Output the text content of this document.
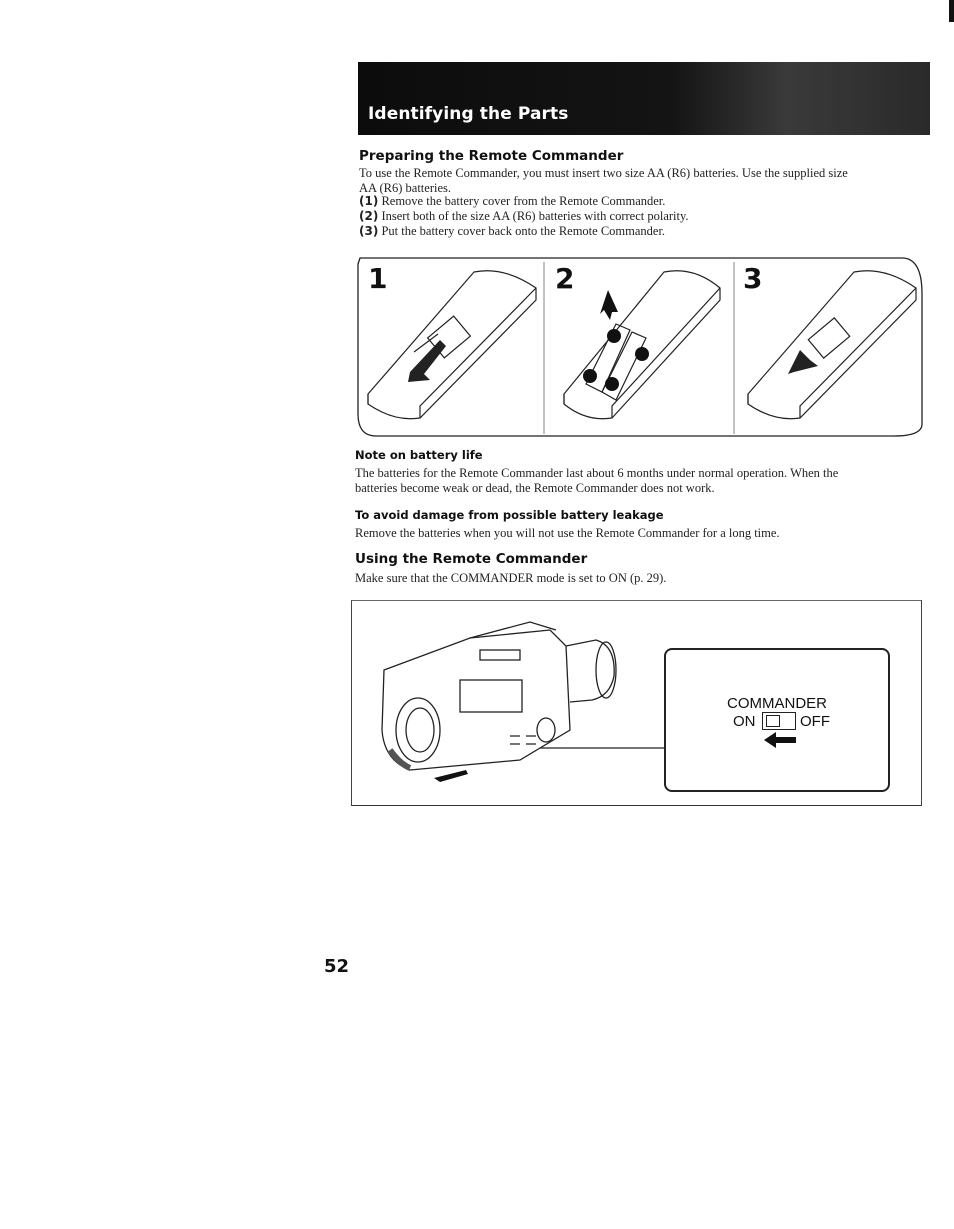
Identifying the Parts
Preparing the Remote Commander
To use the Remote Commander, you must insert two size AA (R6) batteries. Use the supplied size
AA (R6) batteries.
(1) Remove the battery cover from the Remote Commander.
(2) Insert both of the size AA (R6) batteries with correct polarity.
(3) Put the battery cover back onto the Remote Commander.
1	2	3
Note on battery life
The batteries for the Remote Commander last about 6 months under normal operation. When the
batteries become weak or dead, the Remote Commander does not work.
To avoid damage from possible battery leakage
Remove the batteries when you will not use the Remote Commander for a long time.
Using the Remote Commander
Make sure that the COMMANDER mode is set to ON (p. 29).
COMMANDER
ON	OFF
52
